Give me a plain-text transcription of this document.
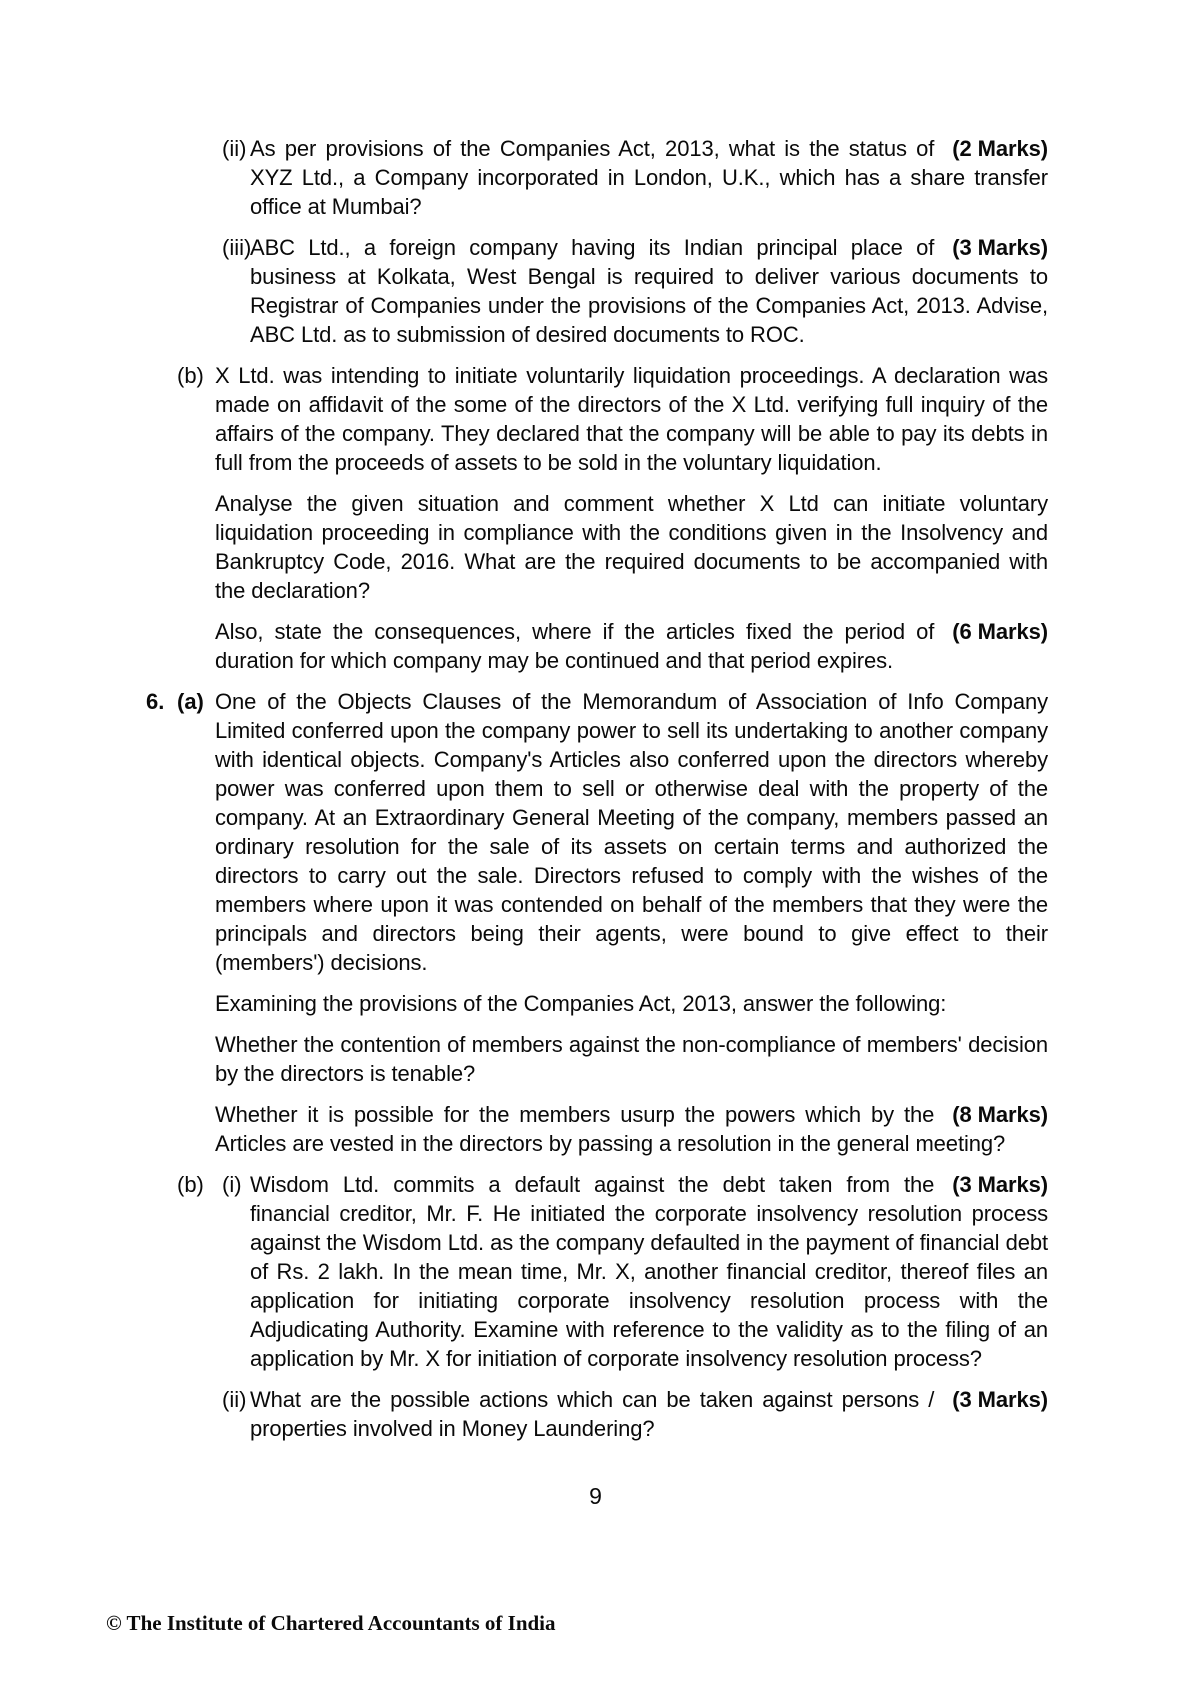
(ii)	(2 Marks)
As per provisions of the Companies Act, 2013, what is the status of XYZ Ltd., a Company incorporated in London, U.K., which has a share transfer office at Mumbai?
(iii)	(3 Marks)
ABC Ltd., a foreign company having its Indian principal place of business at Kolkata, West Bengal is required to deliver various documents to Registrar of Companies under the provisions of the Companies Act, 2013. Advise, ABC Ltd. as to submission of desired documents to ROC.
(b) X Ltd. was intending to initiate voluntarily liquidation proceedings. A declaration was made on affidavit of the some of the directors of the X Ltd. verifying full inquiry of the affairs of the company. They declared that the company will be able to pay its debts in full from the proceeds of assets to be sold in the voluntary liquidation.
Analyse the given situation and comment whether X Ltd can initiate voluntary liquidation proceeding in compliance with the conditions given in the Insolvency and Bankruptcy Code, 2016. What are the required documents to be accompanied with the declaration?
(6 Marks)
Also, state the consequences, where if the articles fixed the period of duration for which company may be continued and that period expires.
6. (a) One of the Objects Clauses of the Memorandum of Association of Info Company Limited conferred upon the company power to sell its undertaking to another company with identical objects. Company's Articles also conferred upon the directors whereby power was conferred upon them to sell or otherwise deal with the property of the company. At an Extraordinary General Meeting of the company, members passed an ordinary resolution for the sale of its assets on certain terms and authorized the directors to carry out the sale. Directors refused to comply with the wishes of the members where upon it was contended on behalf of the members that they were the principals and directors being their agents, were bound to give effect to their (members') decisions.
Examining the provisions of the Companies Act, 2013, answer the following:
Whether the contention of members against the non-compliance of members' decision by the directors is tenable?
(8 Marks)
Whether it is possible for the members usurp the powers which by the Articles are vested in the directors by passing a resolution in the general meeting?
(b) (i)	(3 Marks)
Wisdom Ltd. commits a default against the debt taken from the financial creditor, Mr. F. He initiated the corporate insolvency resolution process against the Wisdom Ltd. as the company defaulted in the payment of financial debt of Rs. 2 lakh. In the mean time, Mr. X, another financial creditor, thereof files an application for initiating corporate insolvency resolution process with the Adjudicating Authority. Examine with reference to the validity as to the filing of an application by Mr. X for initiation of corporate insolvency resolution process?
(ii)	(3 Marks)
What are the possible actions which can be taken against persons / properties involved in Money Laundering?
9
© The Institute of Chartered Accountants of India
